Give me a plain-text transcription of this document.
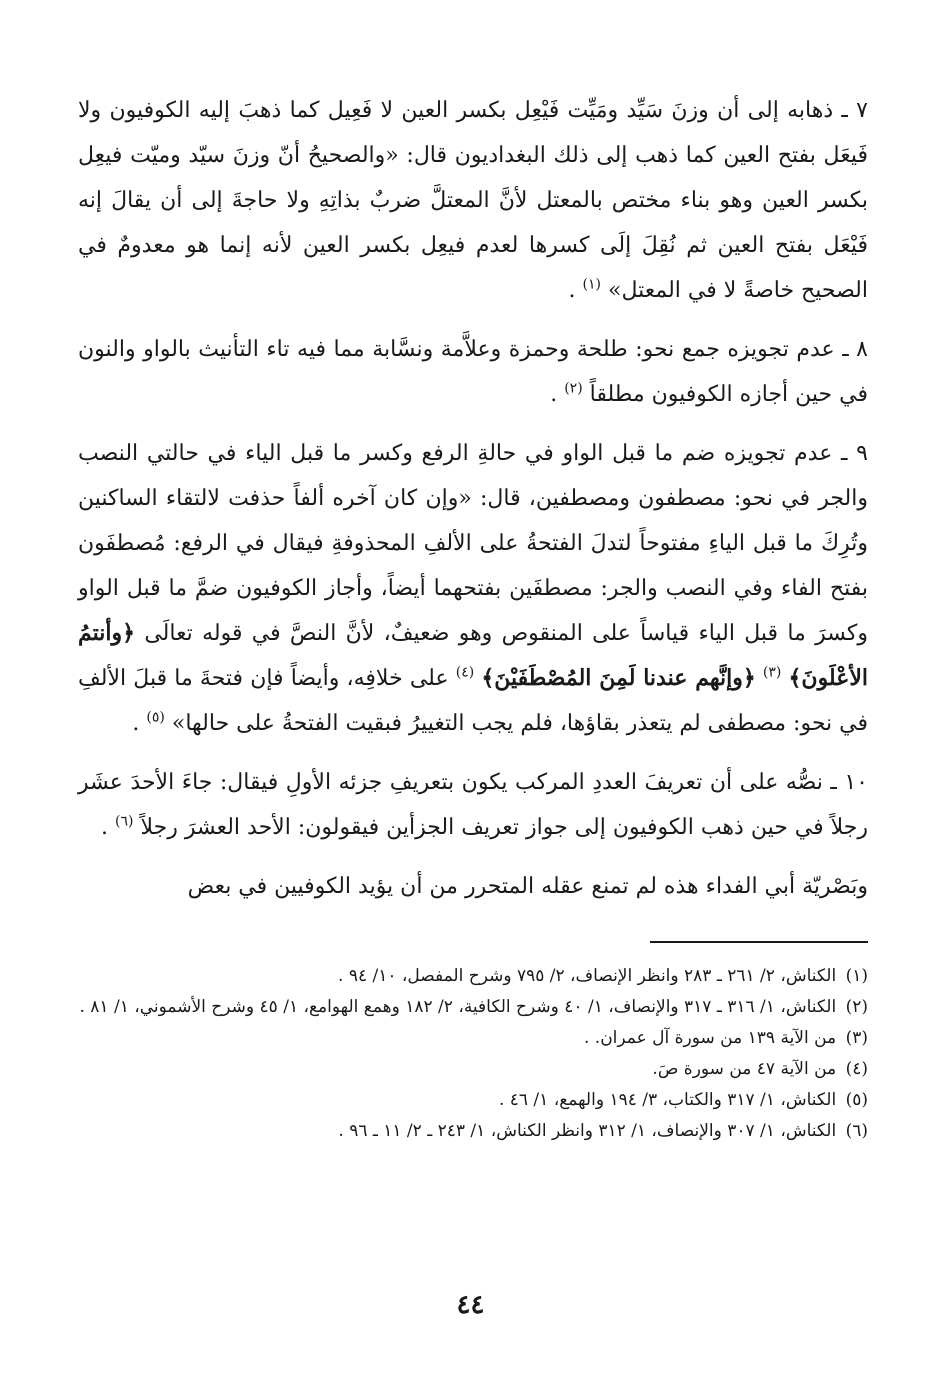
٧ ـ ذهابه إلى أن وزنَ سَيِّد ومَيِّت فَيْعِل بكسر العين لا فَعِيل كما ذهبَ إليه الكوفيون ولا فَيعَل بفتح العين كما ذهب إلى ذلك البغداديون قال: «والصحيحُ أنّ وزنَ سيّد وميّت فيعِل بكسر العين وهو بناء مختص بالمعتل لأنَّ المعتلَّ ضربٌ بذاتِهِ ولا حاجةَ إلى أن يقالَ إنه فَيْعَل بفتح العين ثم نُقِلَ إلَى كسرها لعدم فيعِل بكسر العين لأنه إنما هو معدومٌ في الصحيح خاصةً لا في المعتل» $^{(١)}$ .

٨ ـ عدم تجويزه جمع نحو: طلحة وحمزة وعلاَّمة ونسَّابة مما فيه تاء التأنيث بالواو والنون في حين أجازه الكوفيون مطلقاً $^{(٢)}$ .

٩ ـ عدم تجويزه ضم ما قبل الواو في حالةِ الرفع وكسر ما قبل الياء في حالتي النصب والجر في نحو: مصطفون ومصطفين، قال: «وإن كان آخره ألفاً حذفت لالتقاء الساكنين وتُرِكَ ما قبل الياءِ مفتوحاً لتدلَ الفتحةُ على الألفِ المحذوفةِ فيقال في الرفع: مُصطفَون بفتح الفاء وفي النصب والجر: مصطفَين بفتحهما أيضاً، وأجاز الكوفيون ضمَّ ما قبل الواو وكسرَ ما قبل الياء قياساً على المنقوص وهو ضعيفٌ، لأنَّ النصَّ في قوله تعالَى ﴿وأنتمُ الأعْلَونَ﴾ $^{(٣)}$ ﴿وإنَّهم عندنا لَمِنَ المُصْطَفَيْنَ﴾ $^{(٤)}$ على خلافِه، وأيضاً فإن فتحةَ ما قبلَ الألفِ في نحو: مصطفى لم يتعذر بقاؤها، فلم يجب التغييرُ فبقيت الفتحةُ على حالها» $^{(٥)}$ .

١٠ ـ نصُّه على أن تعريفَ العددِ المركب يكون بتعريفِ جزئه الأولِ فيقال: جاءَ الأحدَ عشَر رجلاً في حين ذهب الكوفيون إلى جواز تعريف الجزأين فيقولون: الأحد العشرَ رجلاً $^{(٦)}$ .

وبَصْريّة أبي الفداء هذه لم تمنع عقله المتحرر من أن يؤيد الكوفيين في بعض

(١) الكناش، ٢/ ٢٦١ ـ ٢٨٣ وانظر الإنصاف، ٢/ ٧٩٥ وشرح المفصل، ١٠/ ٩٤ .
(٢) الكناش، ١/ ٣١٦ ـ ٣١٧ والإنصاف، ١/ ٤٠ وشرح الكافية، ٢/ ١٨٢ وهمع الهوامع، ١/ ٤٥ وشرح الأشموني، ١/ ٨١ .
(٣) من الآية ١٣٩ من سورة آل عمران. .
(٤) من الآية ٤٧ من سورة صَ.
(٥) الكناش، ١/ ٣١٧ والكتاب، ٣/ ١٩٤ والهمع، ١/ ٤٦ .
(٦) الكناش، ١/ ٣٠٧ والإنصاف، ١/ ٣١٢ وانظر الكناش، ١/ ٢٤٣ ـ ٢/ ١١ ـ ٩٦ .
٤٤
